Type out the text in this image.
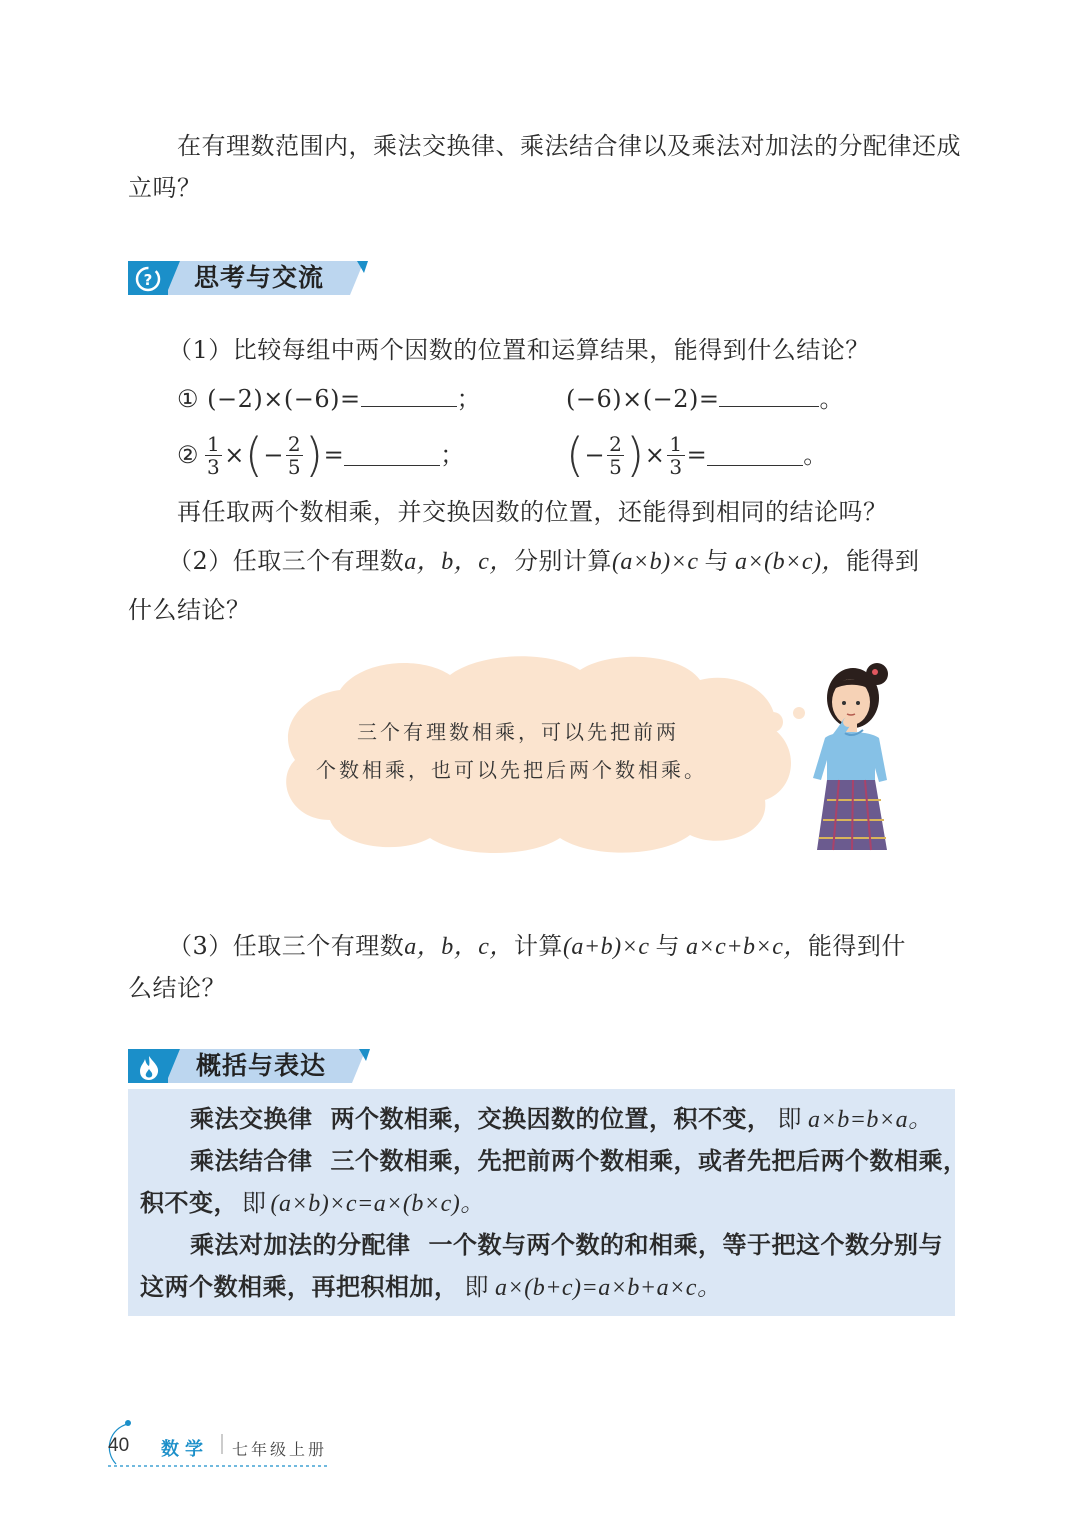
在有理数范围内，乘法交换律、乘法结合律以及乘法对加法的分配律还成
立吗？
? 思考与交流
（1）比较每组中两个因数的位置和运算结果，能得到什么结论？
① (−2)×(−6)=	；	(−6)×(−2)=	。
② $\frac{1}{3}$ × ( − $\frac{2}{5}$ ) =	； ( − $\frac{2}{5}$ ) × $\frac{1}{3}$ =	。
再任取两个数相乘，并交换因数的位置，还能得到相同的结论吗？
（2）任取三个有理数a，b，c，分别计算(a×b)×c 与 a×(b×c)，能得到
什么结论？
三个有理数相乘，可以先把前两
个数相乘，也可以先把后两个数相乘。
（3）任取三个有理数a，b，c，计算(a+b)×c 与 a×c+b×c，能得到什
么结论？
概括与表达
乘法交换律 两个数相乘，交换因数的位置，积不变， 即 a×b=b×a。
乘法结合律 三个数相乘，先把前两个数相乘，或者先把后两个数相乘，
积不变， 即 (a×b)×c=a×(b×c)。
乘法对加法的分配律 一个数与两个数的和相乘，等于把这个数分别与
这两个数相乘，再把积相加， 即 a×(b+c)=a×b+a×c。
40 数学 七年级上册
